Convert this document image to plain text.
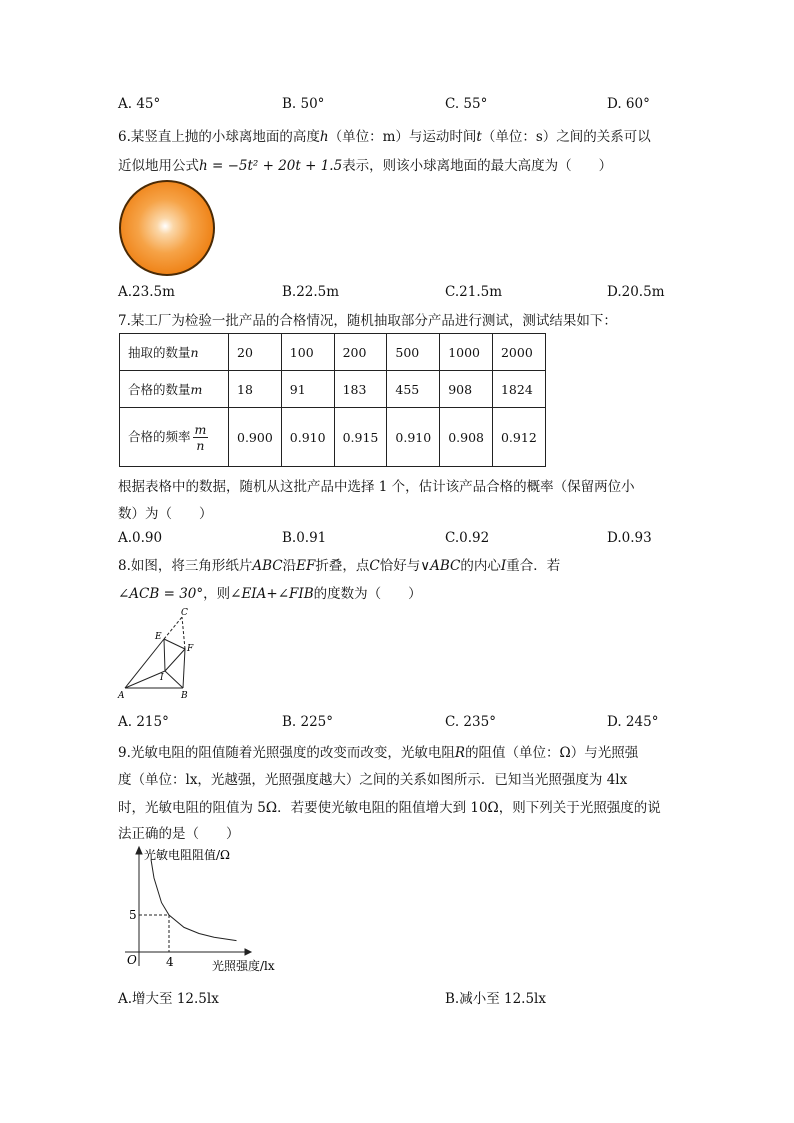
A. 45°	B. 50°	C. 55°	D. 60°
6.某竖直上抛的小球离地面的高度h（单位：m）与运动时间t（单位：s）之间的关系可以
近似地用公式h = −5t² + 20t + 1.5表示，则该小球离地面的最大高度为（　　）
A.23.5m	B.22.5m	C.21.5m	D.20.5m
7.某工厂为检验一批产品的合格情况，随机抽取部分产品进行测试，测试结果如下：
抽取的数量n	20	100	200	500	1000	2000
合格的数量m	18	91	183	455	908	1824
合格的频率 $\frac{m}{n}$	0.900	0.910	0.915	0.910	0.908	0.912
根据表格中的数据，随机从这批产品中选择 1 个，估计该产品合格的概率（保留两位小
数）为（　　）
A.0.90	B.0.91	C.0.92	D.0.93
8.如图，将三角形纸片ABC沿EF折叠，点C恰好与∨ABC的内心I重合．若
∠ACB = 30°，则∠EIA+∠FIB的度数为（　　）
C
E
F
I
A	B
A. 215°	B. 225°	C. 235°	D. 245°
9.光敏电阻的阻值随着光照强度的改变而改变，光敏电阻R的阻值（单位：Ω）与光照强
度（单位：lx，光越强，光照强度越大）之间的关系如图所示．已知当光照强度为 4lx
时，光敏电阻的阻值为 5Ω．若要使光敏电阻的阻值增大到 10Ω，则下列关于光照强度的说
法正确的是（　　）
光敏电阻阻值/Ω
光照强度/lx
O
5
4
A.增大至 12.5lx	B.减小至 12.5lx
